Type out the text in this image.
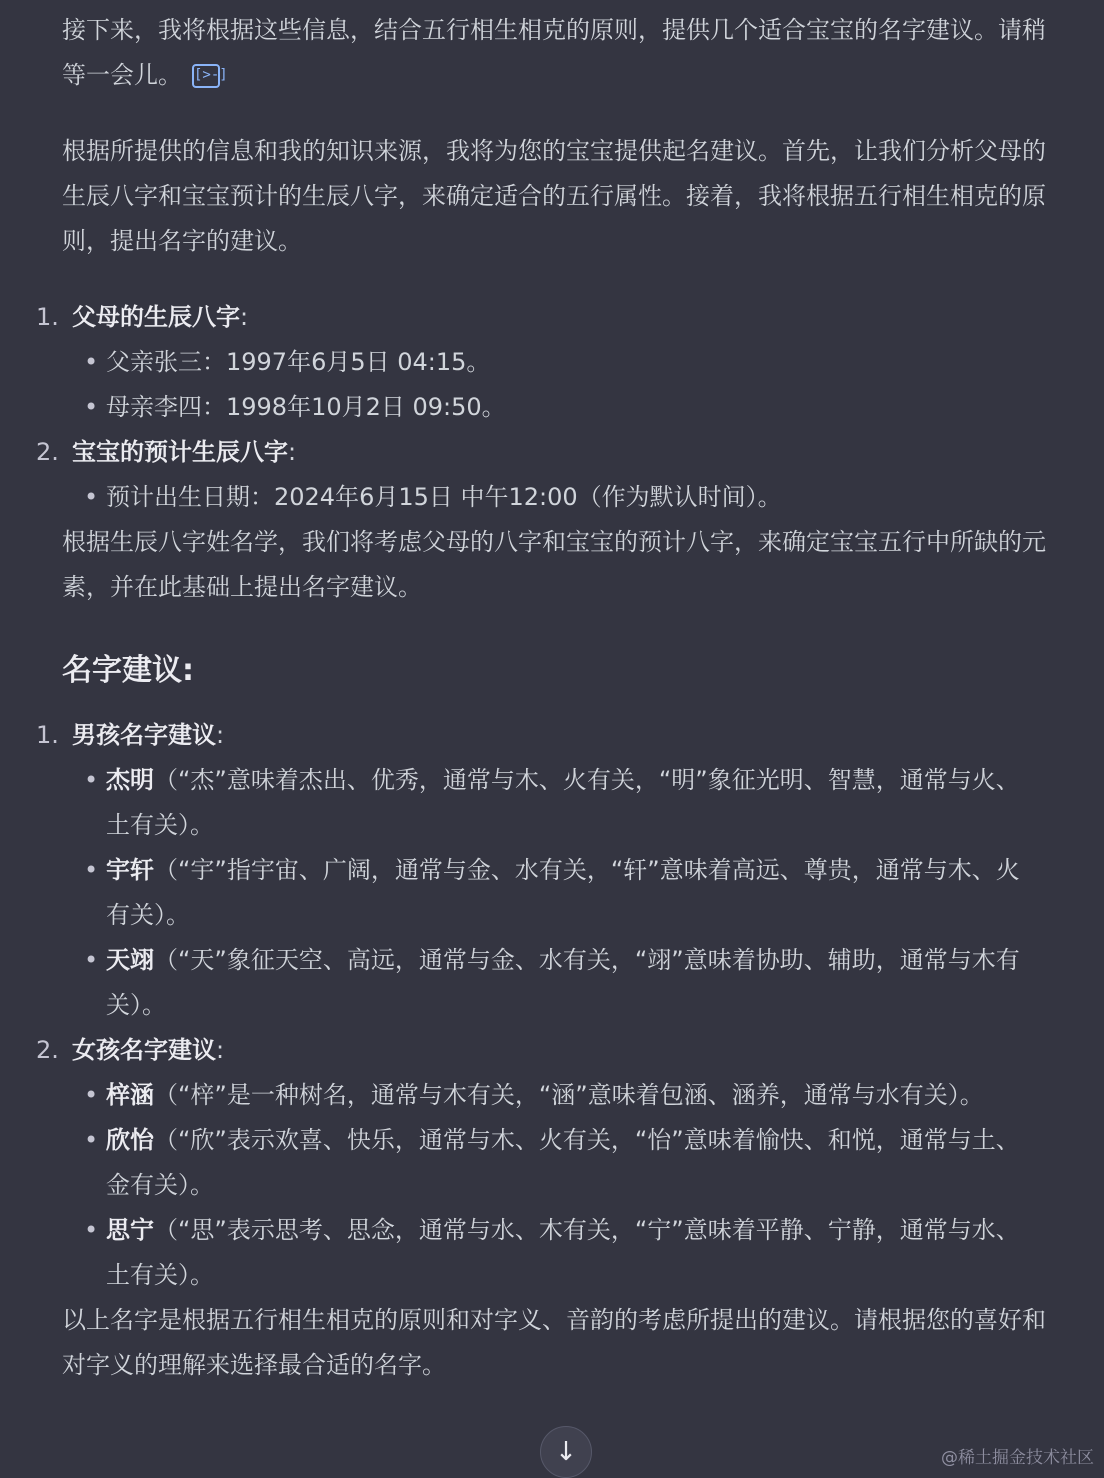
接下来，我将根据这些信息，结合五行相生相克的原则，提供几个适合宝宝的名字建议。请稍等一会儿。 [>-]

根据所提供的信息和我的知识来源，我将为您的宝宝提供起名建议。首先，让我们分析父母的生辰八字和宝宝预计的生辰八字，来确定适合的五行属性。接着，我将根据五行相生相克的原则，提出名字的建议。

1. 父母的生辰八字:
• 父亲张三：1997年6月5日 04:15。
• 母亲李四：1998年10月2日 09:50。
2. 宝宝的预计生辰八字:
• 预计出生日期：2024年6月15日 中午12:00（作为默认时间）。

根据生辰八字姓名学，我们将考虑父母的八字和宝宝的预计八字，来确定宝宝五行中所缺的元素，并在此基础上提出名字建议。

名字建议:
1. 男孩名字建议:
• 杰明（“杰”意味着杰出、优秀，通常与木、火有关，“明”象征光明、智慧，通常与火、土有关）。
• 宇轩（“宇”指宇宙、广阔，通常与金、水有关，“轩”意味着高远、尊贵，通常与木、火有关）。
• 天翊（“天”象征天空、高远，通常与金、水有关，“翊”意味着协助、辅助，通常与木有关）。
2. 女孩名字建议:
• 梓涵（“梓”是一种树名，通常与木有关，“涵”意味着包涵、涵养，通常与水有关）。
• 欣怡（“欣”表示欢喜、快乐，通常与木、火有关，“怡”意味着愉快、和悦，通常与土、金有关）。
• 思宁（“思”表示思考、思念，通常与水、木有关，“宁”意味着平静、宁静，通常与水、土有关）。

以上名字是根据五行相生相克的原则和对字义、音韵的考虑所提出的建议。请根据您的喜好和对字义的理解来选择最合适的名字。

↓	@稀土掘金技术社区
